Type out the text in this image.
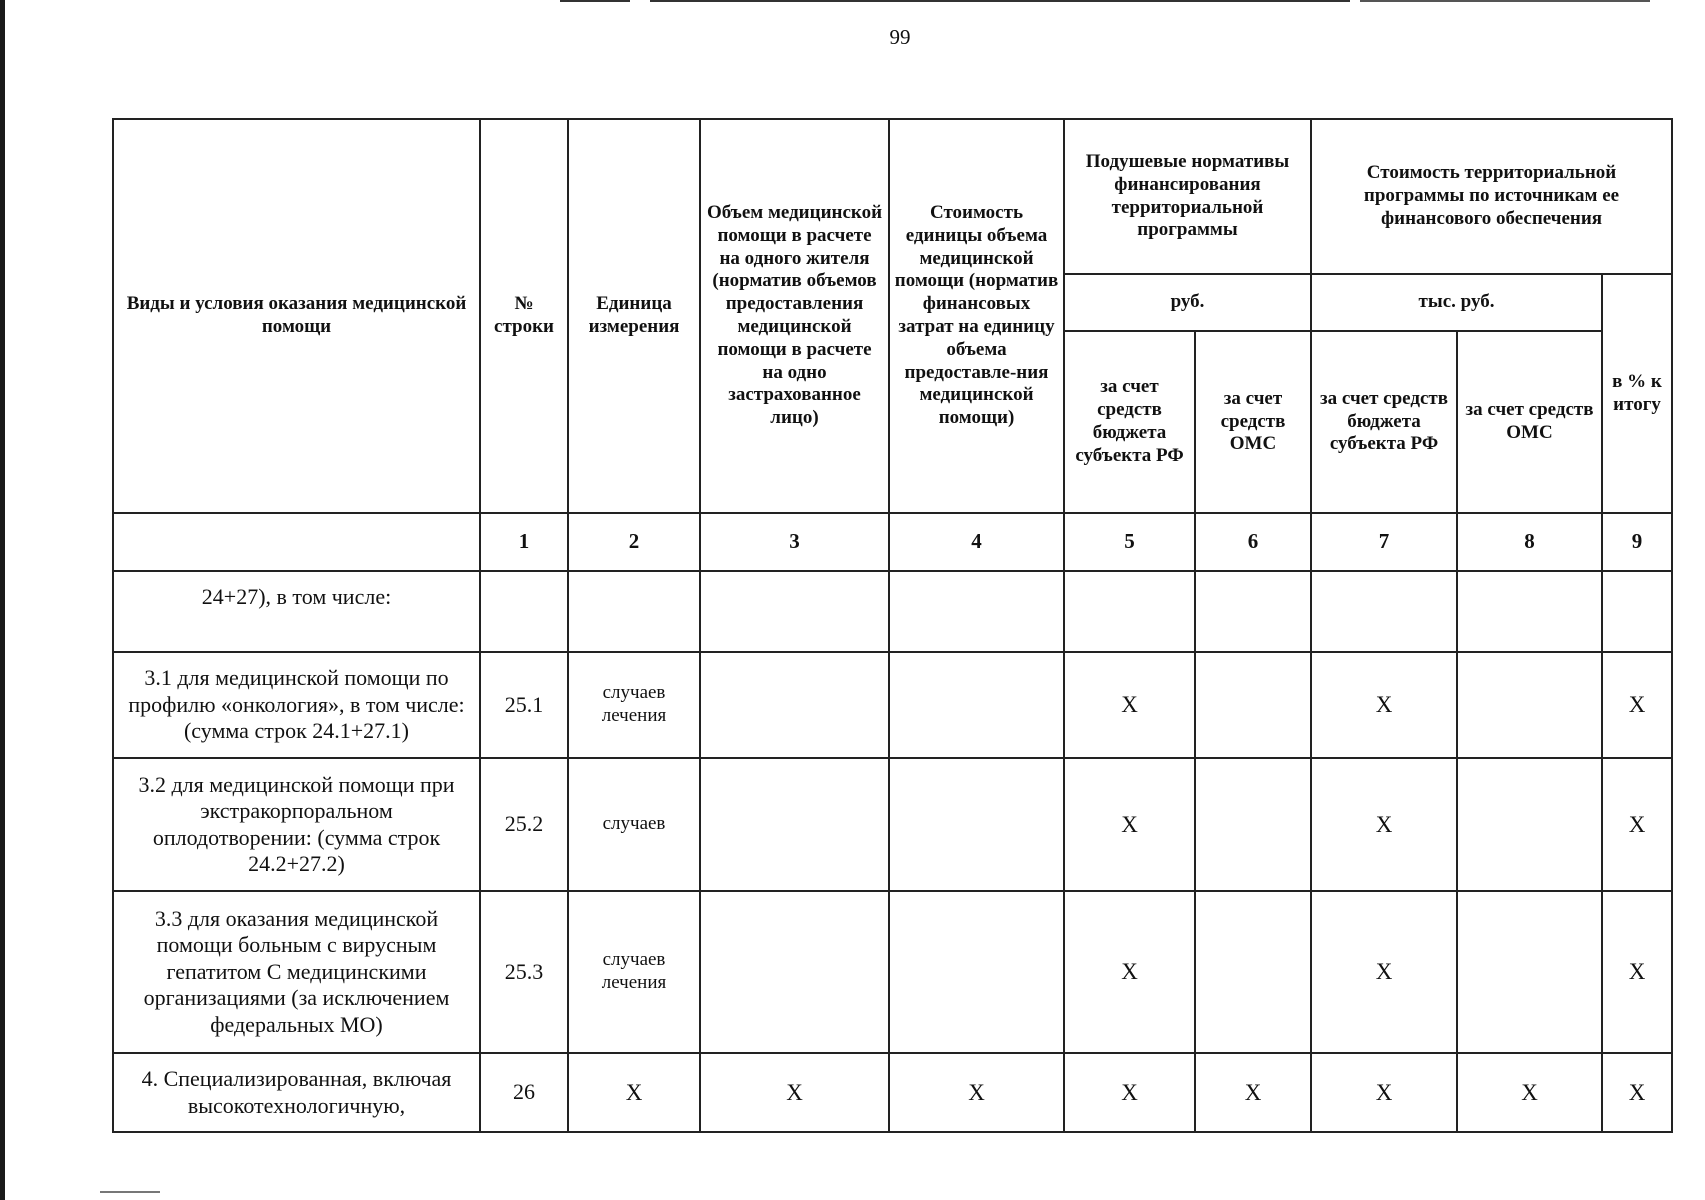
99
Виды и условия оказания медицинской помощи	№ строки	Единица измерения	Объем медицинской помощи в расчете на одного жителя (норматив объемов предоставления медицинской помощи в расчете на одно застрахованное лицо)	Стоимость единицы объема медицинской помощи (норматив финансовых затрат на единицу объема предоставле-ния медицинской помощи)	Подушевые нормативы финансирования территориальной программы		Стоимость территориальной программы по источникам ее финансового обеспечения		
					руб.		тыс. руб.		в % к итогу
					за счет средств бюджета субъекта РФ	за счет средств ОМС	за счет средств бюджета субъекта РФ	за счет средств ОМС	
	1	2	3	4	5	6	7	8	9
24+27), в том числе:									
3.1 для медицинской помощи по профилю «онкология», в том числе: (сумма строк 24.1+27.1)	25.1	случаев лечения			X		X		X
3.2 для медицинской помощи при экстракорпоральном оплодотворении: (сумма строк 24.2+27.2)	25.2	случаев			X		X		X
3.3 для оказания медицинской помощи больным с вирусным гепатитом С медицинскими организациями (за исключением федеральных МО)	25.3	случаев лечения			X		X		X
4. Специализированная, включая высокотехнологичную,	26	X	X	X	X	X	X	X	X
